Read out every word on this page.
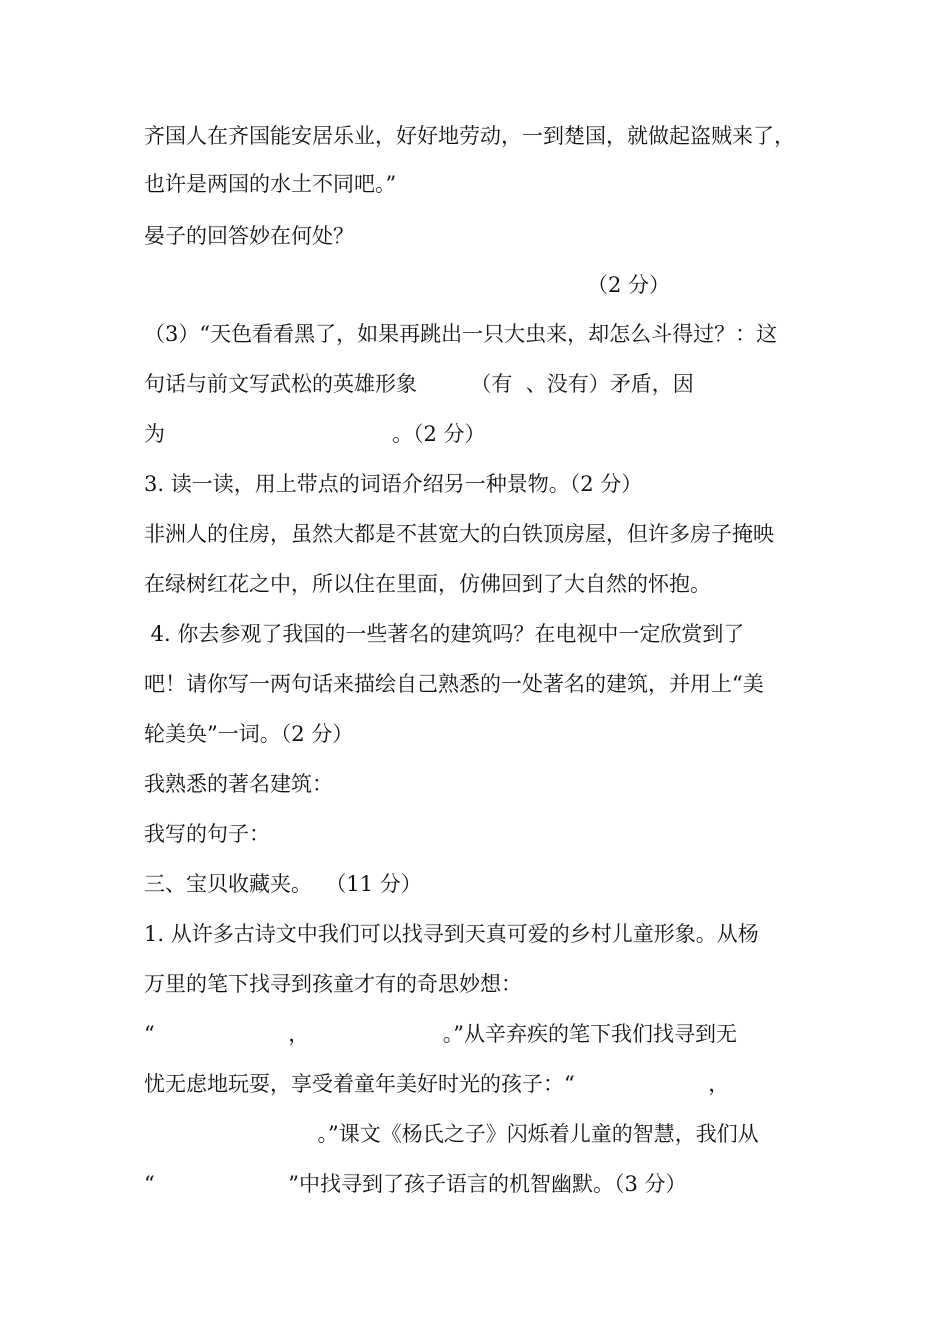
齐国人在齐国能安居乐业，好好地劳动，一到楚国，就做起盗贼来了，

也许是两国的水土不同吧。”

晏子的回答妙在何处？

（2 分）

（3）“天色看看黑了，如果再跳出一只大虫来，却怎么斗得过？：这

句话与前文写武松的英雄形象        （有  、没有）矛盾，因

为                                  。（2 分）

3. 读一读，用上带点的词语介绍另一种景物。（2 分）

非洲人的住房，虽然大都是不甚宽大的白铁顶房屋，但许多房子掩映

在绿树红花之中，所以住在里面，仿佛回到了大自然的怀抱。

4. 你去参观了我国的一些著名的建筑吗？在电视中一定欣赏到了

吧！请你写一两句话来描绘自己熟悉的一处著名的建筑，并用上“美

轮美奂”一词。（2 分）

我熟悉的著名建筑：

我写的句子：

三、宝贝收藏夹。  （11 分）

1. 从许多古诗文中我们可以找寻到天真可爱的乡村儿童形象。从杨

万里的笔下找寻到孩童才有的奇思妙想：

“                    ，                    。”从辛弃疾的笔下我们找寻到无

忧无虑地玩耍，享受着童年美好时光的孩子：“                    ，

。”课文《杨氏之子》闪烁着儿童的智慧，我们从

“                    ”中找寻到了孩子语言的机智幽默。（3 分）
